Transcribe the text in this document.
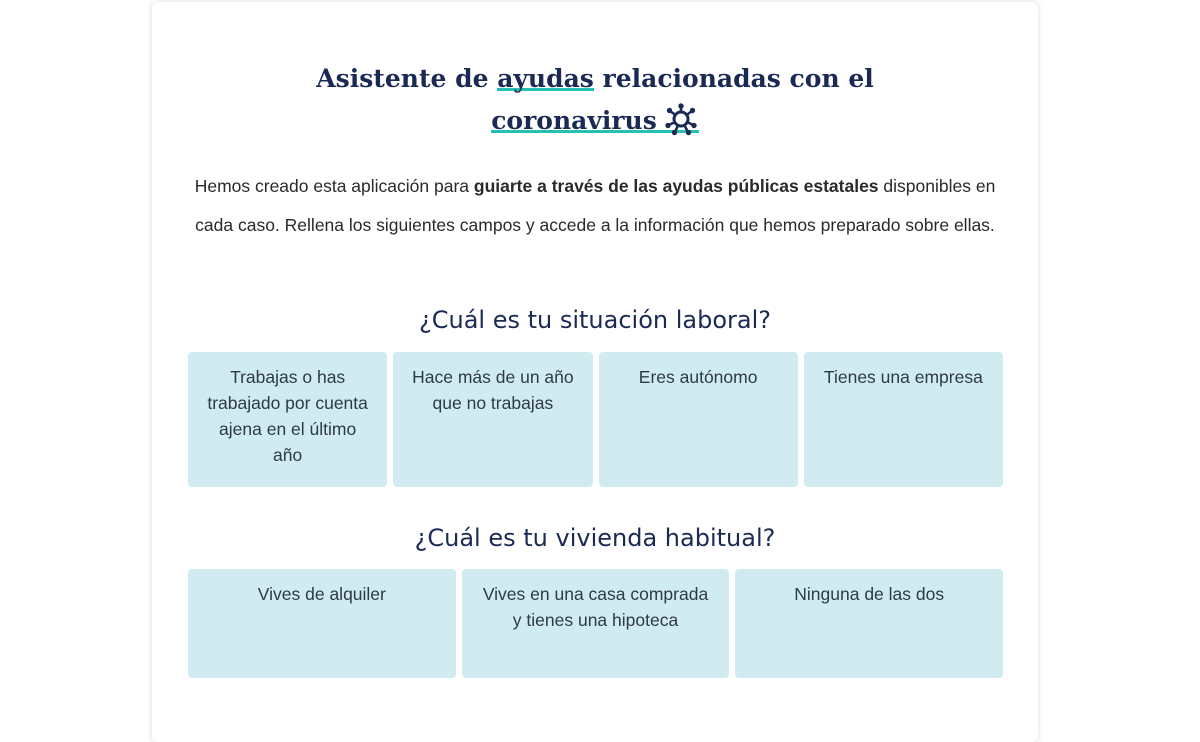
Asistente de ayudas relacionadas con el
coronavirus

Hemos creado esta aplicación para guiarte a través de las ayudas públicas estatales disponibles en cada caso. Rellena los siguientes campos y accede a la información que hemos preparado sobre ellas.

¿Cuál es tu situación laboral?
Trabajas o has trabajado por cuenta ajena en el último año
Hace más de un año que no trabajas
Eres autónomo	Tienes una empresa
¿Cuál es tu vivienda habitual?
Vives de alquiler	Vives en una casa comprada y tienes una hipoteca
Ninguna de las dos
